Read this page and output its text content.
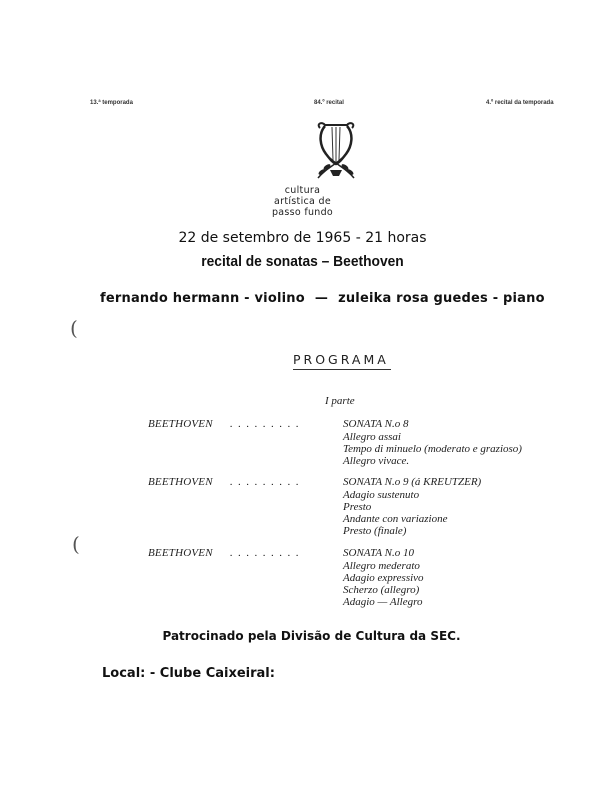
13.ª temporada	84.º recital	4.º recital da temporada
cultura
artística de
passo fundo
22 de setembro de 1965 - 21 horas
recital de sonatas – Beethoven
fernando hermann - violino — zuleika rosa guedes - piano
(
(
PROGRAMA
I parte
BEETHOVEN .........	SONATA N.o 8
Allegro assai
Tempo di minuelo (moderato e grazioso)
Allegro vivace.
BEETHOVEN .........	SONATA N.o 9 (á KREUTZER)
Adagio sustenuto
Presto
Andante con variazione
Presto (finale)
BEETHOVEN .........	SONATA N.o 10
Allegro mederato
Adagio expressivo
Scherzo (allegro)
Adagio — Allegro
Patrocinado pela Divisão de Cultura da SEC.
Local: - Clube Caixeiral:
